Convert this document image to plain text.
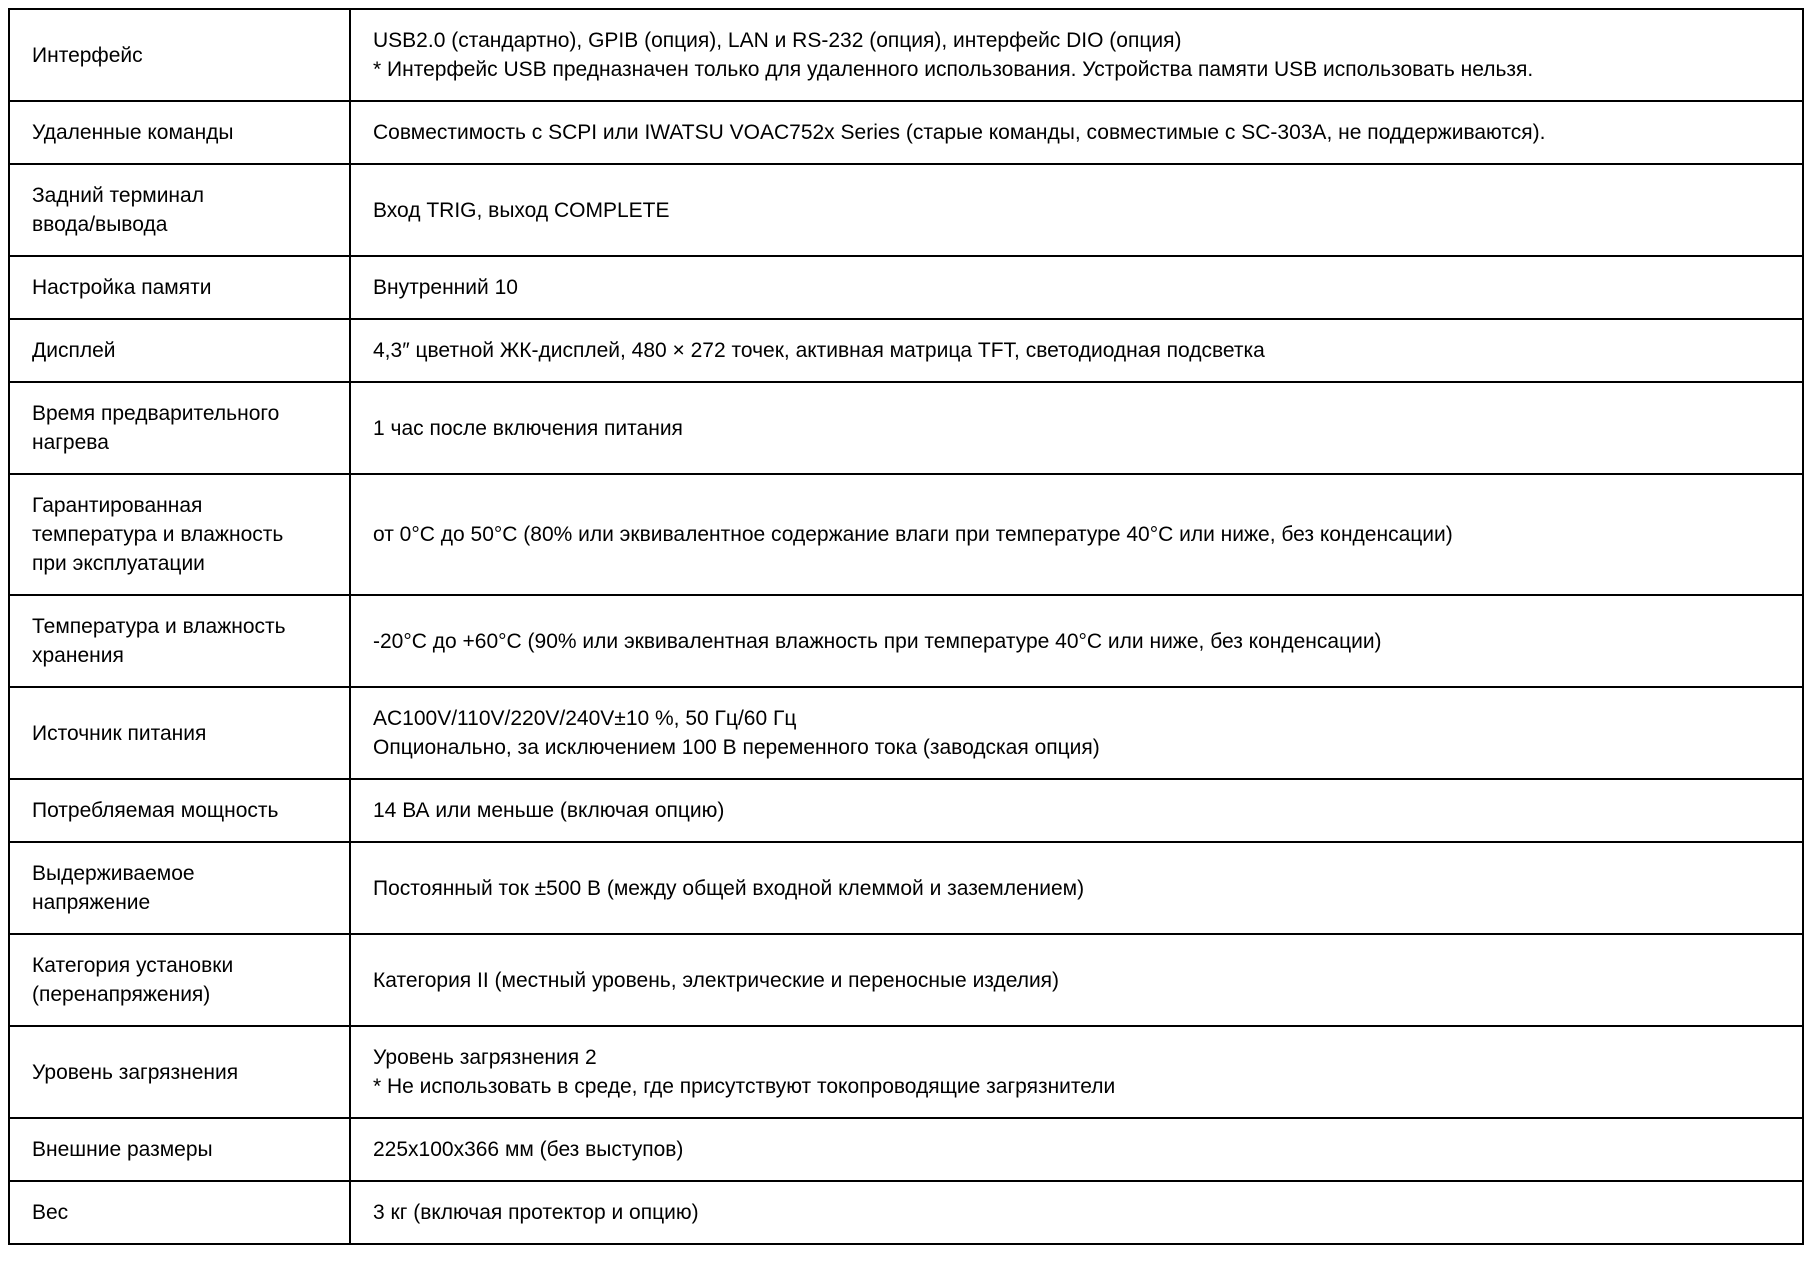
Интерфейс	USB2.0 (стандартно), GPIB (опция), LAN и RS-232 (опция), интерфейс DIO (опция)
* Интерфейс USB предназначен только для удаленного использования. Устройства памяти USB использовать нельзя.

Удаленные команды	Совместимость с SCPI или IWATSU VOAC752x Series (старые команды, совместимые с SC-303A, не поддерживаются).

Задний терминал
ввода/вывода	Вход TRIG, выход COMPLETE

Настройка памяти	Внутренний 10

Дисплей	4,3″ цветной ЖК-дисплей, 480 × 272 точек, активная матрица TFT, светодиодная подсветка

Время предварительного
нагрева	1 час после включения питания

Гарантированная
температура и влажность
при эксплуатации	от 0°C до 50°C (80% или эквивалентное содержание влаги при температуре 40°C или ниже, без конденсации)

Температура и влажность
хранения	-20°C до +60°C (90% или эквивалентная влажность при температуре 40°C или ниже, без конденсации)

Источник питания	AC100V/110V/220V/240V±10 %, 50 Гц/60 Гц
Опционально, за исключением 100 В переменного тока (заводская опция)

Потребляемая мощность	14 ВА или меньше (включая опцию)

Выдерживаемое
напряжение	Постоянный ток ±500 В (между общей входной клеммой и заземлением)

Категория установки
(перенапряжения)	Категория II (местный уровень, электрические и переносные изделия)

Уровень загрязнения	Уровень загрязнения 2
* Не использовать в среде, где присутствуют токопроводящие загрязнители

Внешние размеры	225x100x366 мм (без выступов)

Вес	3 кг (включая протектор и опцию)
